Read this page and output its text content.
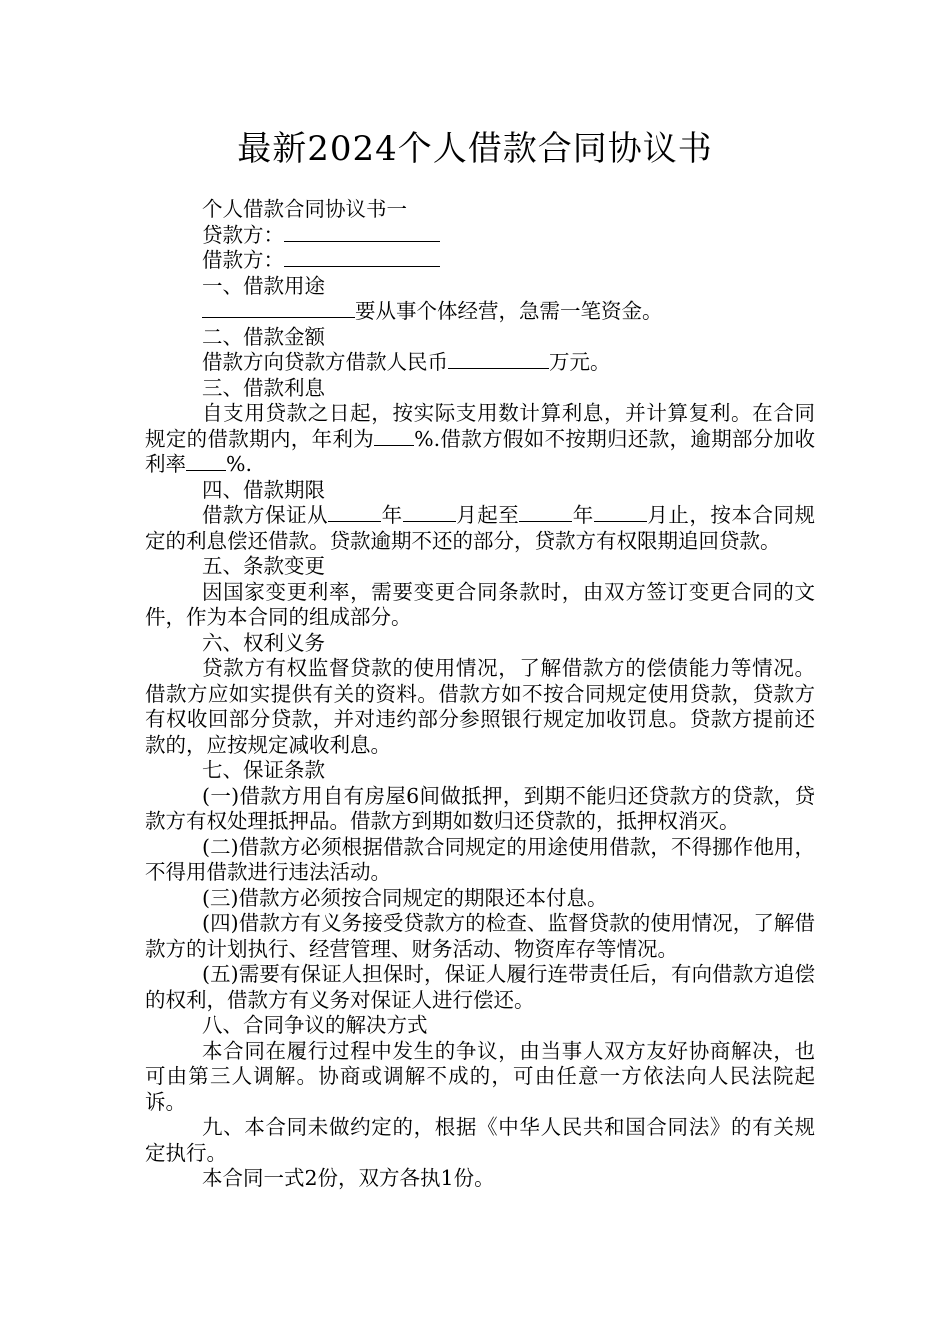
最新2024个人借款合同协议书

个人借款合同协议书一

贷款方：

借款方：

一、借款用途

要从事个体经营，急需一笔资金。

二、借款金额

借款方向贷款方借款人民币	万元。

三、借款利息

自支用贷款之日起，按实际支用数计算利息，并计算复利。在合同规定的借款期内，年利为 %.借款方假如不按期归还款，逾期部分加收利率 %.

四、借款期限

借款方保证从	年	月起至	年	月止，按本合同规定的利息偿还借款。贷款逾期不还的部分，贷款方有权限期追回贷款。

五、条款变更

因国家变更利率，需要变更合同条款时，由双方签订变更合同的文件，作为本合同的组成部分。

六、权利义务

贷款方有权监督贷款的使用情况，了解借款方的偿债能力等情况。借款方应如实提供有关的资料。借款方如不按合同规定使用贷款，贷款方有权收回部分贷款，并对违约部分参照银行规定加收罚息。贷款方提前还款的，应按规定减收利息。

七、保证条款

(一)借款方用自有房屋6间做抵押，到期不能归还贷款方的贷款，贷款方有权处理抵押品。借款方到期如数归还贷款的，抵押权消灭。

(二)借款方必须根据借款合同规定的用途使用借款，不得挪作他用，不得用借款进行违法活动。

(三)借款方必须按合同规定的期限还本付息。

(四)借款方有义务接受贷款方的检查、监督贷款的使用情况，了解借款方的计划执行、经营管理、财务活动、物资库存等情况。

(五)需要有保证人担保时，保证人履行连带责任后，有向借款方追偿的权利，借款方有义务对保证人进行偿还。

八、合同争议的解决方式

本合同在履行过程中发生的争议，由当事人双方友好协商解决，也可由第三人调解。协商或调解不成的，可由任意一方依法向人民法院起诉。

九、本合同未做约定的，根据《中华人民共和国合同法》的有关规定执行。

本合同一式2份，双方各执1份。
